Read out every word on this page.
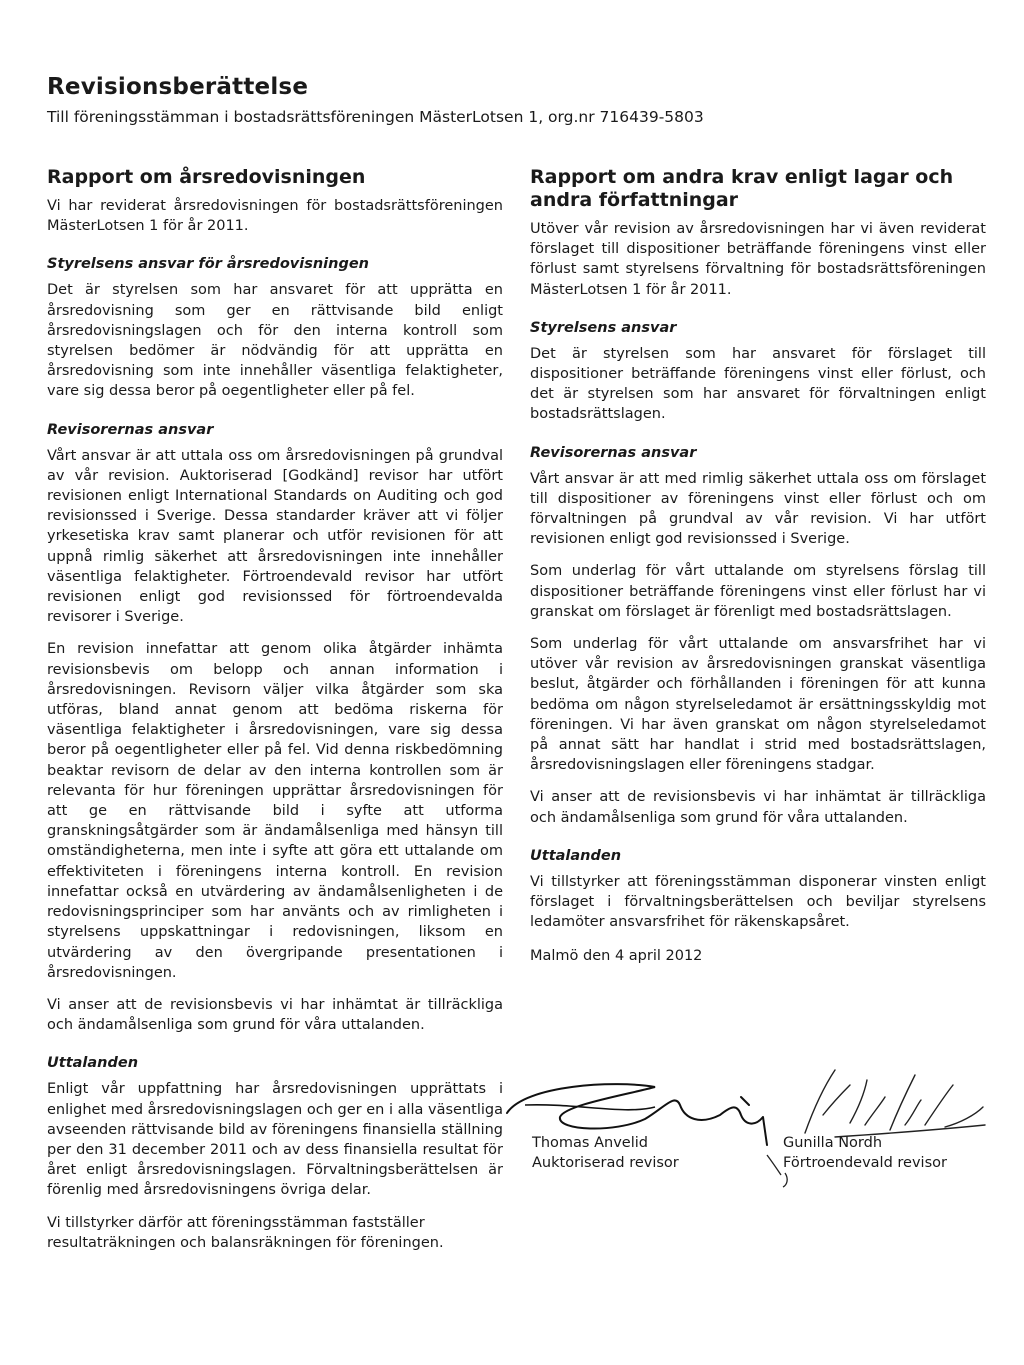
Revisionsberättelse
Till föreningsstämman i bostadsrättsföreningen MästerLotsen 1, org.nr 716439-5803
Rapport om årsredovisningen

Vi har reviderat årsredovisningen för bostadsrättsföreningen MästerLotsen 1 för år 2011.

Styrelsens ansvar för årsredovisningen

Det är styrelsen som har ansvaret för att upprätta en årsredovisning som ger en rättvisande bild enligt årsredovisningslagen och för den interna kontroll som styrelsen bedömer är nödvändig för att upprätta en årsredovisning som inte innehåller väsentliga felaktigheter, vare sig dessa beror på oegentligheter eller på fel.

Revisorernas ansvar

Vårt ansvar är att uttala oss om årsredovisningen på grundval av vår revision. Auktoriserad [Godkänd] revisor har utfört revisionen enligt International Standards on Auditing och god revisionssed i Sverige. Dessa standarder kräver att vi följer yrkesetiska krav samt planerar och utför revisionen för att uppnå rimlig säkerhet att årsredovisningen inte innehåller väsentliga felaktigheter. Förtroendevald revisor har utfört revisionen enligt god revisionssed för förtroendevalda revisorer i Sverige.

En revision innefattar att genom olika åtgärder inhämta revisionsbevis om belopp och annan information i årsredovisningen. Revisorn väljer vilka åtgärder som ska utföras, bland annat genom att bedöma riskerna för väsentliga felaktigheter i årsredovisningen, vare sig dessa beror på oegentligheter eller på fel. Vid denna riskbedömning beaktar revisorn de delar av den interna kontrollen som är relevanta för hur föreningen upprättar årsredovisningen för att ge en rättvisande bild i syfte att utforma granskningsåtgärder som är ändamålsenliga med hänsyn till omständigheterna, men inte i syfte att göra ett uttalande om effektiviteten i föreningens interna kontroll. En revision innefattar också en utvärdering av ändamålsenligheten i de redovisningsprinciper som har använts och av rimligheten i styrelsens uppskattningar i redovisningen, liksom en utvärdering av den övergripande presentationen i årsredovisningen.

Vi anser att de revisionsbevis vi har inhämtat är tillräckliga och ändamålsenliga som grund för våra uttalanden.

Uttalanden

Enligt vår uppfattning har årsredovisningen upprättats i enlighet med årsredovisningslagen och ger en i alla väsentliga avseenden rättvisande bild av föreningens finansiella ställning per den 31 december 2011 och av dess finansiella resultat för året enligt årsredovisningslagen. Förvaltningsberättelsen är förenlig med årsredovisningens övriga delar.

Vi tillstyrker därför att föreningsstämman fastställer resultaträkningen och balansräkningen för föreningen.

Rapport om andra krav enligt lagar och andra författningar

Utöver vår revision av årsredovisningen har vi även reviderat förslaget till dispositioner beträffande föreningens vinst eller förlust samt styrelsens förvaltning för bostadsrättsföreningen MästerLotsen 1 för år 2011.

Styrelsens ansvar

Det är styrelsen som har ansvaret för förslaget till dispositioner beträffande föreningens vinst eller förlust, och det är styrelsen som har ansvaret för förvaltningen enligt bostadsrättslagen.

Revisorernas ansvar

Vårt ansvar är att med rimlig säkerhet uttala oss om förslaget till dispositioner av föreningens vinst eller förlust och om förvaltningen på grundval av vår revision. Vi har utfört revisionen enligt god revisionssed i Sverige.

Som underlag för vårt uttalande om styrelsens förslag till dispositioner beträffande föreningens vinst eller förlust har vi granskat om förslaget är förenligt med bostadsrättslagen.

Som underlag för vårt uttalande om ansvarsfrihet har vi utöver vår revision av årsredovisningen granskat väsentliga beslut, åtgärder och förhållanden i föreningen för att kunna bedöma om någon styrelseledamot är ersättningsskyldig mot föreningen. Vi har även granskat om någon styrelseledamot på annat sätt har handlat i strid med bostadsrättslagen, årsredovisningslagen eller föreningens stadgar.

Vi anser att de revisionsbevis vi har inhämtat är tillräckliga och ändamålsenliga som grund för våra uttalanden.

Uttalanden

Vi tillstyrker att föreningsstämman disponerar vinsten enligt förslaget i förvaltningsberättelsen och beviljar styrelsens ledamöter ansvarsfrihet för räkenskapsåret.

Malmö den 4 april 2012
Thomas Anvelid
Auktoriserad revisor
Gunilla Nordh
Förtroendevald revisor
